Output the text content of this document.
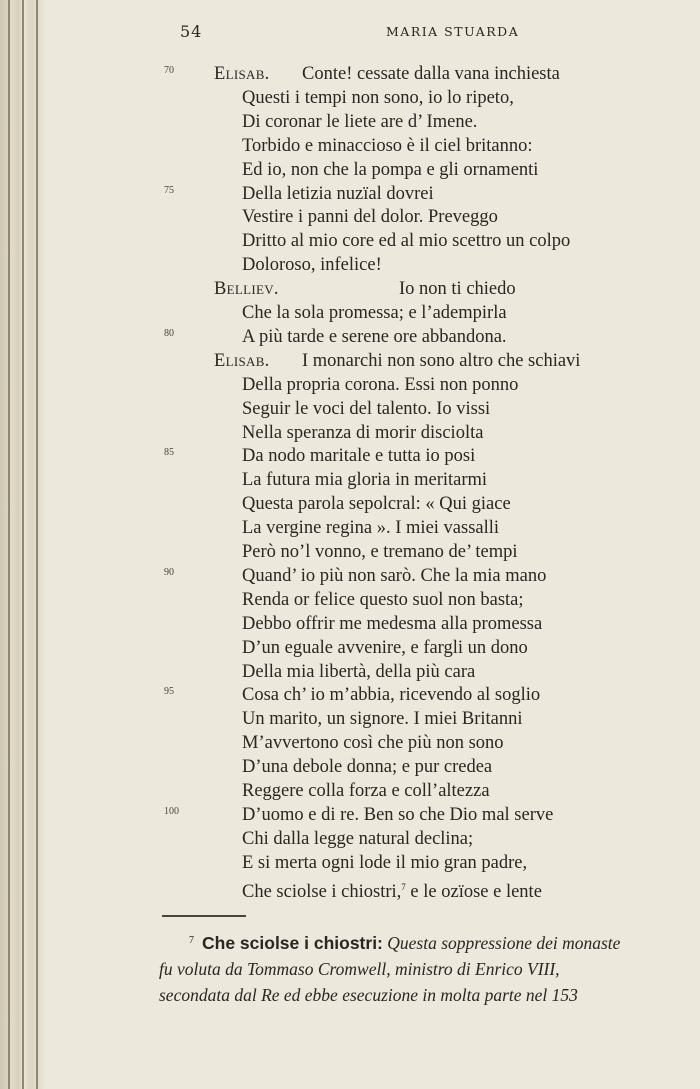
54	MARIA STUARDA
70 Elisab. Conte! cessate dalla vana inchiesta
Questi i tempi non sono, io lo ripeto,
Di coronar le liete are d’ Imene.
Torbido e minaccioso è il ciel britanno:
Ed io, non che la pompa e gli ornamenti
75	Della letizia nuzïal dovrei
Vestire i panni del dolor. Preveggo
Dritto al mio core ed al mio scettro un colpo
Doloroso, infelice!
Belliev.	Io non ti chiedo
Che la sola promessa; e l’adempirla
80	A più tarde e serene ore abbandona.
Elisab. I monarchi non sono altro che schiavi
Della propria corona. Essi non ponno
Seguir le voci del talento. Io vissi
Nella speranza di morir disciolta
85	Da nodo maritale e tutta io posi
La futura mia gloria in meritarmi
Questa parola sepolcral: « Qui giace
La vergine regina ». I miei vassalli
Però no’l vonno, e tremano de’ tempi
90	Quand’ io più non sarò. Che la mia mano
Renda or felice questo suol non basta;
Debbo offrir me medesma alla promessa
D’un eguale avvenire, e fargli un dono
Della mia libertà, della più cara
95	Cosa ch’ io m’abbia, ricevendo al soglio
Un marito, un signore. I miei Britanni
M’avvertono così che più non sono
D’una debole donna; e pur credea
Reggere colla forza e coll’altezza
100	D’uomo e di re. Ben so che Dio mal serve
Chi dalla legge natural declina;
E si merta ogni lode il mio gran padre,
Che sciolse i chiostri,$^7$ e le ozïose e lente
$^7$ Che sciolse i chiostri: Questa soppressione dei monaste
fu voluta da Tommaso Cromwell, ministro di Enrico VIII,
secondata dal Re ed ebbe esecuzione in molta parte nel 153
